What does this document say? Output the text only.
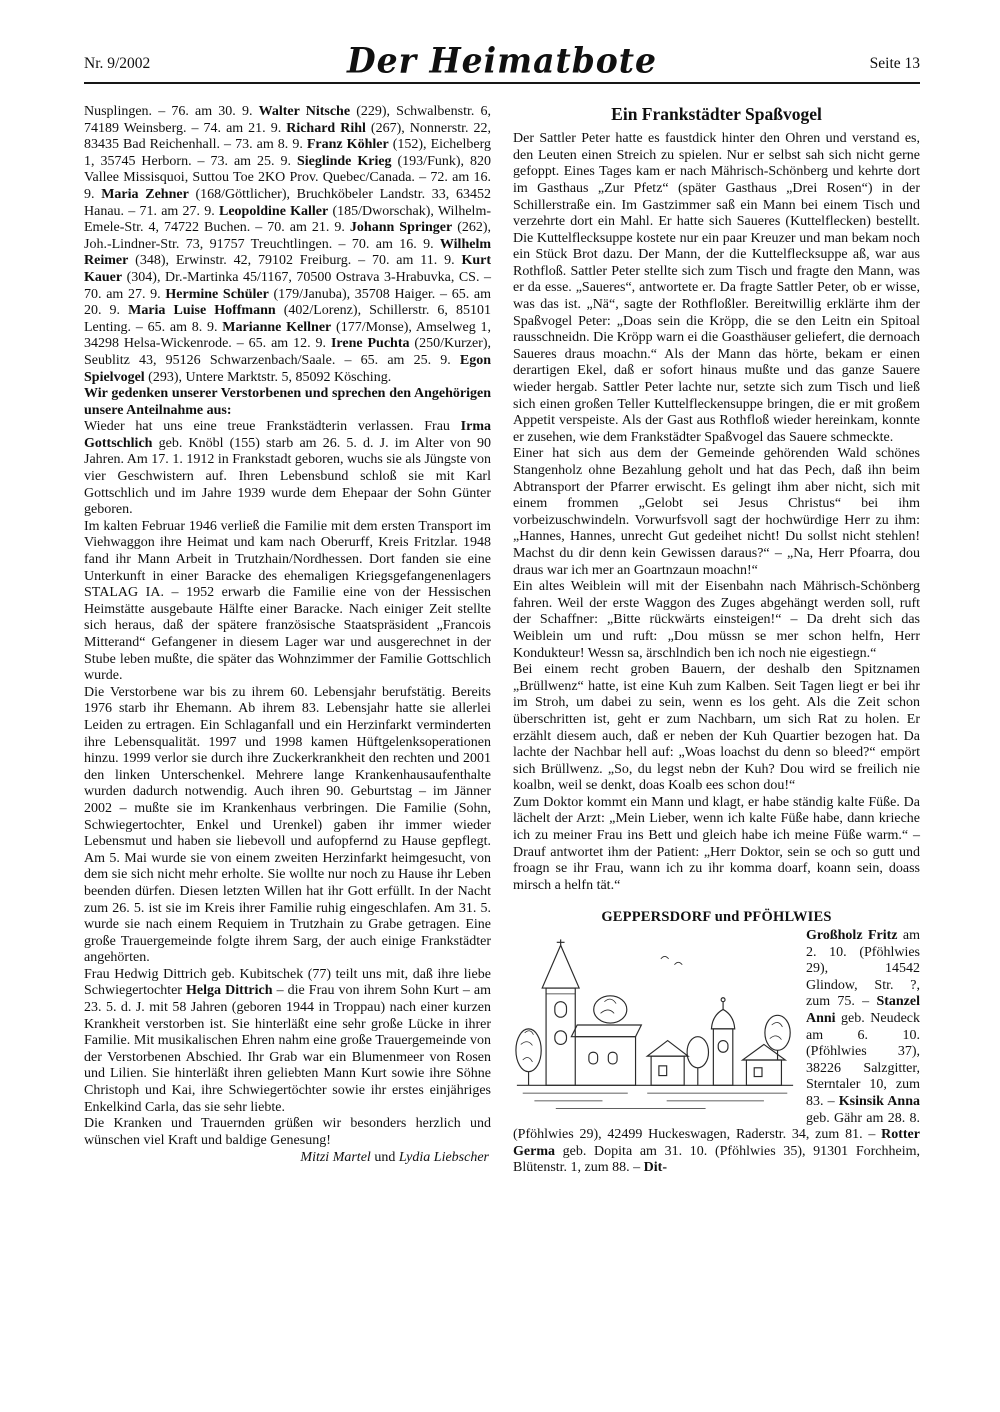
Nr. 9/2002	Der Heimatbote	Seite 13

Nusplingen. – 76. am 30. 9. Walter Nitsche (229), Schwalbenstr. 6, 74189 Weinsberg. – 74. am 21. 9. Richard Rihl (267), Nonnerstr. 22, 83435 Bad Reichenhall. – 73. am 8. 9. Franz Köhler (152), Eichelberg 1, 35745 Herborn. – 73. am 25. 9. Sieglinde Krieg (193/Funk), 820 Vallee Missisquoi, Suttou Toe 2KO Prov. Quebec/Canada. – 72. am 16. 9. Maria Zehner (168/Göttlicher), Bruchköbeler Landstr. 33, 63452 Hanau. – 71. am 27. 9. Leopoldine Kaller (185/Dworschak), Wilhelm-Emele-Str. 4, 74722 Buchen. – 70. am 21. 9. Johann Springer (262), Joh.-Lindner-Str. 73, 91757 Treuchtlingen. – 70. am 16. 9. Wilhelm Reimer (348), Erwinstr. 42, 79102 Freiburg. – 70. am 11. 9. Kurt Kauer (304), Dr.-Martinka 45/1167, 70500 Ostrava 3-Hrabuvka, CS. – 70. am 27. 9. Hermine Schüler (179/Januba), 35708 Haiger. – 65. am 20. 9. Maria Luise Hoffmann (402/Lorenz), Schillerstr. 6, 85101 Lenting. – 65. am 8. 9. Marianne Kellner (177/Monse), Amselweg 1, 34298 Helsa-Wickenrode. – 65. am 12. 9. Irene Puchta (250/Kurzer), Seublitz 43, 95126 Schwarzenbach/Saale. – 65. am 25. 9. Egon Spielvogel (293), Untere Marktstr. 5, 85092 Kösching.

Wir gedenken unserer Verstorbenen und sprechen den Angehörigen unsere Anteilnahme aus:

Wieder hat uns eine treue Frankstädterin verlassen. Frau Irma Gottschlich geb. Knöbl (155) starb am 26. 5. d. J. im Alter von 90 Jahren. Am 17. 1. 1912 in Frankstadt geboren, wuchs sie als Jüngste von vier Geschwistern auf. Ihren Lebensbund schloß sie mit Karl Gottschlich und im Jahre 1939 wurde dem Ehepaar der Sohn Günter geboren.

Im kalten Februar 1946 verließ die Familie mit dem ersten Transport im Viehwaggon ihre Heimat und kam nach Oberurff, Kreis Fritzlar. 1948 fand ihr Mann Arbeit in Trutzhain/Nordhessen. Dort fanden sie eine Unterkunft in einer Baracke des ehemaligen Kriegsgefangenenlagers STALAG IA. – 1952 erwarb die Familie eine von der Hessischen Heimstätte ausgebaute Hälfte einer Baracke. Nach einiger Zeit stellte sich heraus, daß der spätere französische Staatspräsident „Francois Mitterand“ Gefangener in diesem Lager war und ausgerechnet in der Stube leben mußte, die später das Wohnzimmer der Familie Gottschlich wurde.

Die Verstorbene war bis zu ihrem 60. Lebensjahr berufstätig. Bereits 1976 starb ihr Ehemann. Ab ihrem 83. Lebensjahr hatte sie allerlei Leiden zu ertragen. Ein Schlaganfall und ein Herzinfarkt verminderten ihre Lebensqualität. 1997 und 1998 kamen Hüftgelenksoperationen hinzu. 1999 verlor sie durch ihre Zuckerkrankheit den rechten und 2001 den linken Unterschenkel. Mehrere lange Krankenhausaufenthalte wurden dadurch notwendig. Auch ihren 90. Geburtstag – im Jänner 2002 – mußte sie im Krankenhaus verbringen. Die Familie (Sohn, Schwiegertochter, Enkel und Urenkel) gaben ihr immer wieder Lebensmut und haben sie liebevoll und aufopfernd zu Hause gepflegt. Am 5. Mai wurde sie von einem zweiten Herzinfarkt heimgesucht, von dem sie sich nicht mehr erholte. Sie wollte nur noch zu Hause ihr Leben beenden dürfen. Diesen letzten Willen hat ihr Gott erfüllt. In der Nacht zum 26. 5. ist sie im Kreis ihrer Familie ruhig eingeschlafen. Am 31. 5. wurde sie nach einem Requiem in Trutzhain zu Grabe getragen. Eine große Trauergemeinde folgte ihrem Sarg, der auch einige Frankstädter angehörten.

Frau Hedwig Dittrich geb. Kubitschek (77) teilt uns mit, daß ihre liebe Schwiegertochter Helga Dittrich – die Frau von ihrem Sohn Kurt – am 23. 5. d. J. mit 58 Jahren (geboren 1944 in Troppau) nach einer kurzen Krankheit verstorben ist. Sie hinterläßt eine sehr große Lücke in ihrer Familie. Mit musikalischen Ehren nahm eine große Trauergemeinde von der Verstorbenen Abschied. Ihr Grab war ein Blumenmeer von Rosen und Lilien. Sie hinterläßt ihren geliebten Mann Kurt sowie ihre Söhne Christoph und Kai, ihre Schwiegertöchter sowie ihr erstes einjähriges Enkelkind Carla, das sie sehr liebte.

Die Kranken und Trauernden grüßen wir besonders herzlich und wünschen viel Kraft und baldige Genesung!

Mitzi Martel und Lydia Liebscher

Ein Frankstädter Spaßvogel

Der Sattler Peter hatte es faustdick hinter den Ohren und verstand es, den Leuten einen Streich zu spielen. Nur er selbst sah sich nicht gerne gefoppt. Eines Tages kam er nach Mährisch-Schönberg und kehrte dort im Gasthaus „Zur Pfetz“ (später Gasthaus „Drei Rosen“) in der Schillerstraße ein. Im Gastzimmer saß ein Mann bei einem Tisch und verzehrte dort ein Mahl. Er hatte sich Saueres (Kuttelflecken) bestellt. Die Kuttelflecksuppe kostete nur ein paar Kreuzer und man bekam noch ein Stück Brot dazu. Der Mann, der die Kuttelflecksuppe aß, war aus Rothfloß. Sattler Peter stellte sich zum Tisch und fragte den Mann, was er da esse. „Saueres“, antwortete er. Da fragte Sattler Peter, ob er wisse, was das ist. „Nä“, sagte der Rothfloßler. Bereitwillig erklärte ihm der Spaßvogel Peter: „Doas sein die Kröpp, die se den Leitn ein Spitoal rausschneidn. Die Kröpp warn ei die Goasthäuser geliefert, die dernoach Saueres draus moachn.“ Als der Mann das hörte, bekam er einen derartigen Ekel, daß er sofort hinaus mußte und das ganze Sauere wieder hergab. Sattler Peter lachte nur, setzte sich zum Tisch und ließ sich einen großen Teller Kuttelfleckensuppe bringen, die er mit großem Appetit verspeiste. Als der Gast aus Rothfloß wieder hereinkam, konnte er zusehen, wie dem Frankstädter Spaßvogel das Sauere schmeckte.

Einer hat sich aus dem der Gemeinde gehörenden Wald schönes Stangenholz ohne Bezahlung geholt und hat das Pech, daß ihn beim Abtransport der Pfarrer erwischt. Es gelingt ihm aber nicht, sich mit einem frommen „Gelobt sei Jesus Christus“ bei ihm vorbeizuschwindeln. Vorwurfsvoll sagt der hochwürdige Herr zu ihm: „Hannes, Hannes, unrecht Gut gedeihet nicht! Du sollst nicht stehlen! Machst du dir denn kein Gewissen daraus?“ – „Na, Herr Pfoarra, dou draus war ich mer an Goartnzaun moachn!“

Ein altes Weiblein will mit der Eisenbahn nach Mährisch-Schönberg fahren. Weil der erste Waggon des Zuges abgehängt werden soll, ruft der Schaffner: „Bitte rückwärts einsteigen!“ – Da dreht sich das Weiblein um und ruft: „Dou müssn se mer schon helfn, Herr Kondukteur! Wessn sa, ärschlndich ben ich noch nie eigestiegn.“

Bei einem recht groben Bauern, der deshalb den Spitznamen „Brüllwenz“ hatte, ist eine Kuh zum Kalben. Seit Tagen liegt er bei ihr im Stroh, um dabei zu sein, wenn es los geht. Als die Zeit schon überschritten ist, geht er zum Nachbarn, um sich Rat zu holen. Er erzählt diesem auch, daß er neben der Kuh Quartier bezogen hat. Da lachte der Nachbar hell auf: „Woas loachst du denn so bleed?“ empört sich Brüllwenz. „So, du legst nebn der Kuh? Dou wird se freilich nie koalbn, weil se denkt, doas Koalb ees schon dou!“

Zum Doktor kommt ein Mann und klagt, er habe ständig kalte Füße. Da lächelt der Arzt: „Mein Lieber, wenn ich kalte Füße habe, dann krieche ich zu meiner Frau ins Bett und gleich habe ich meine Füße warm.“ – Drauf antwortet ihm der Patient: „Herr Doktor, sein se och so gutt und froagn se ihr Frau, wann ich zu ihr komma doarf, koann sein, doass mirsch a helfn tät.“

GEPPERSDORF und PFÖHLWIES

Großholz Fritz am 2. 10. (Pföhlwies 29), 14542 Glindow, Str. ?, zum 75. – Stanzel Anni geb. Neudeck am 6. 10. (Pföhlwies 37), 38226 Salzgitter, Sterntaler 10, zum 83. – Ksinsik Anna geb. Gähr am 28. 8. (Pföhlwies 29), 42499 Huckeswagen, Raderstr. 34, zum 81. – Rotter Germa geb. Dopita am 31. 10. (Pföhlwies 35), 91301 Forchheim, Blütenstr. 1, zum 88. – Dit-
